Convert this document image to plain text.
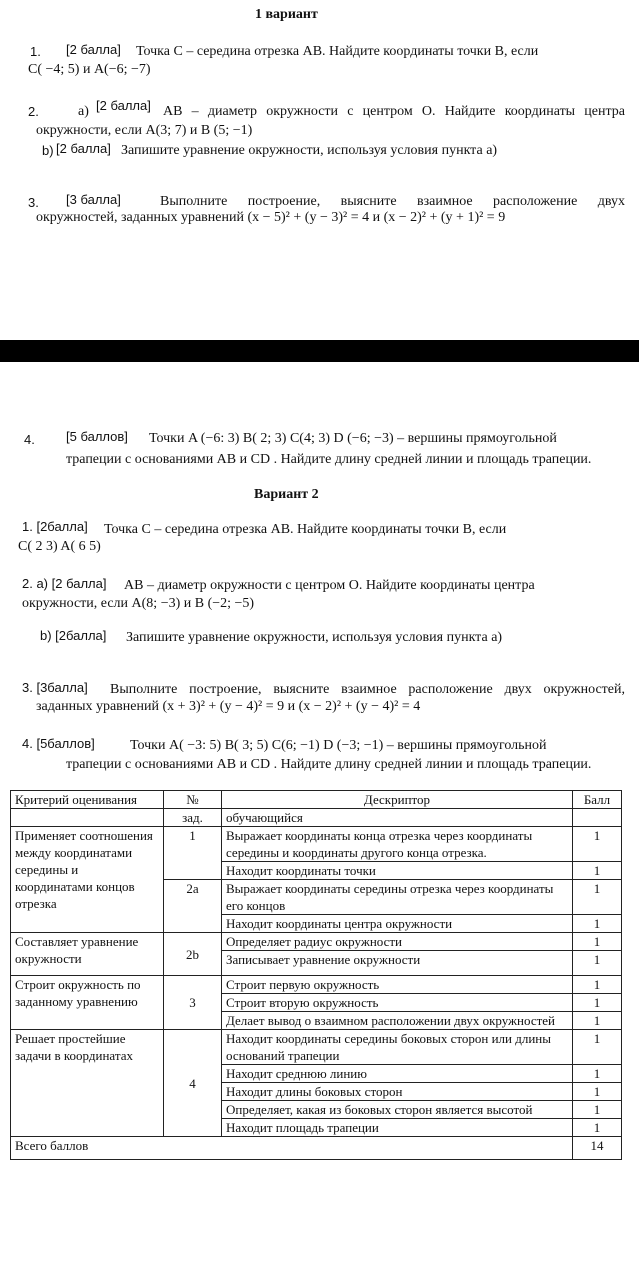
1 вариант
1. [2 балла] Точка С – середина отрезка АВ. Найдите координаты точки В, если
C( −4; 5) и A(−6; −7)
2.	а) [2 балла] АВ – диаметр окружности с центром О. Найдите координаты центра
окружности, если A(3; 7) и B (5; −1)
b) [2 балла] Запишите уравнение окружности, используя условия пункта а)
3. [3 балла]	Выполните построение, выясните взаимное расположение двух
окружностей, заданных уравнений (x − 5)² + (y − 3)² = 4 и (x − 2)² + (y + 1)² = 9
4. [5 баллов] Точки A (−6: 3) B( 2; 3) C(4; 3) D (−6; −3) – вершины прямоугольной
трапеции с основаниями АВ и CD . Найдите длину средней линии и площадь трапеции.
Вариант 2
1. [2балла] Точка С – середина отрезка АВ. Найдите координаты точки В, если
C( 2 3) A( 6 5)
2. а) [2 балла] АВ – диаметр окружности с центром О. Найдите координаты центра
окружности, если A(8; −3) и B (−2; −5)
b) [2балла] Запишите уравнение окружности, используя условия пункта а)
3. [3балла] Выполните построение, выясните взаимное расположение двух окружностей,
заданных уравнений (x + 3)² + (y − 4)² = 9 и (x − 2)² + (y − 4)² = 4
4. [5баллов]	Точки A( −3: 5) B( 3; 5) C(6; −1) D (−3; −1) – вершины прямоугольной
трапеции с основаниями АВ и CD . Найдите длину средней линии и площадь трапеции.
Критерий оценивания	№	Дескриптор	Балл
	зад.	обучающийся	
Применяет соотношения между координатами середины и координатами концов отрезка	1	Выражает координаты конца отрезка через координаты середины и координаты другого конца отрезка.	1
		Находит координаты точки	1
	2a	Выражает координаты середины отрезка через координаты его концов	1
		Находит координаты центра окружности	1
Составляет уравнение окружности	2b	Определяет радиус окружности	1
		Записывает уравнение окружности	1
Строит окружность по заданному уравнению	3	Строит первую окружность	1
		Строит вторую окружность	1
		Делает вывод о взаимном расположении двух окружностей	1
Решает простейшие задачи в координатах	4	Находит координаты середины боковых сторон или длины оснований трапеции	1
		Находит среднюю линию	1
		Находит длины боковых сторон	1
		Определяет, какая из боковых сторон является высотой	1
		Находит площадь трапеции	1
Всего баллов			14
